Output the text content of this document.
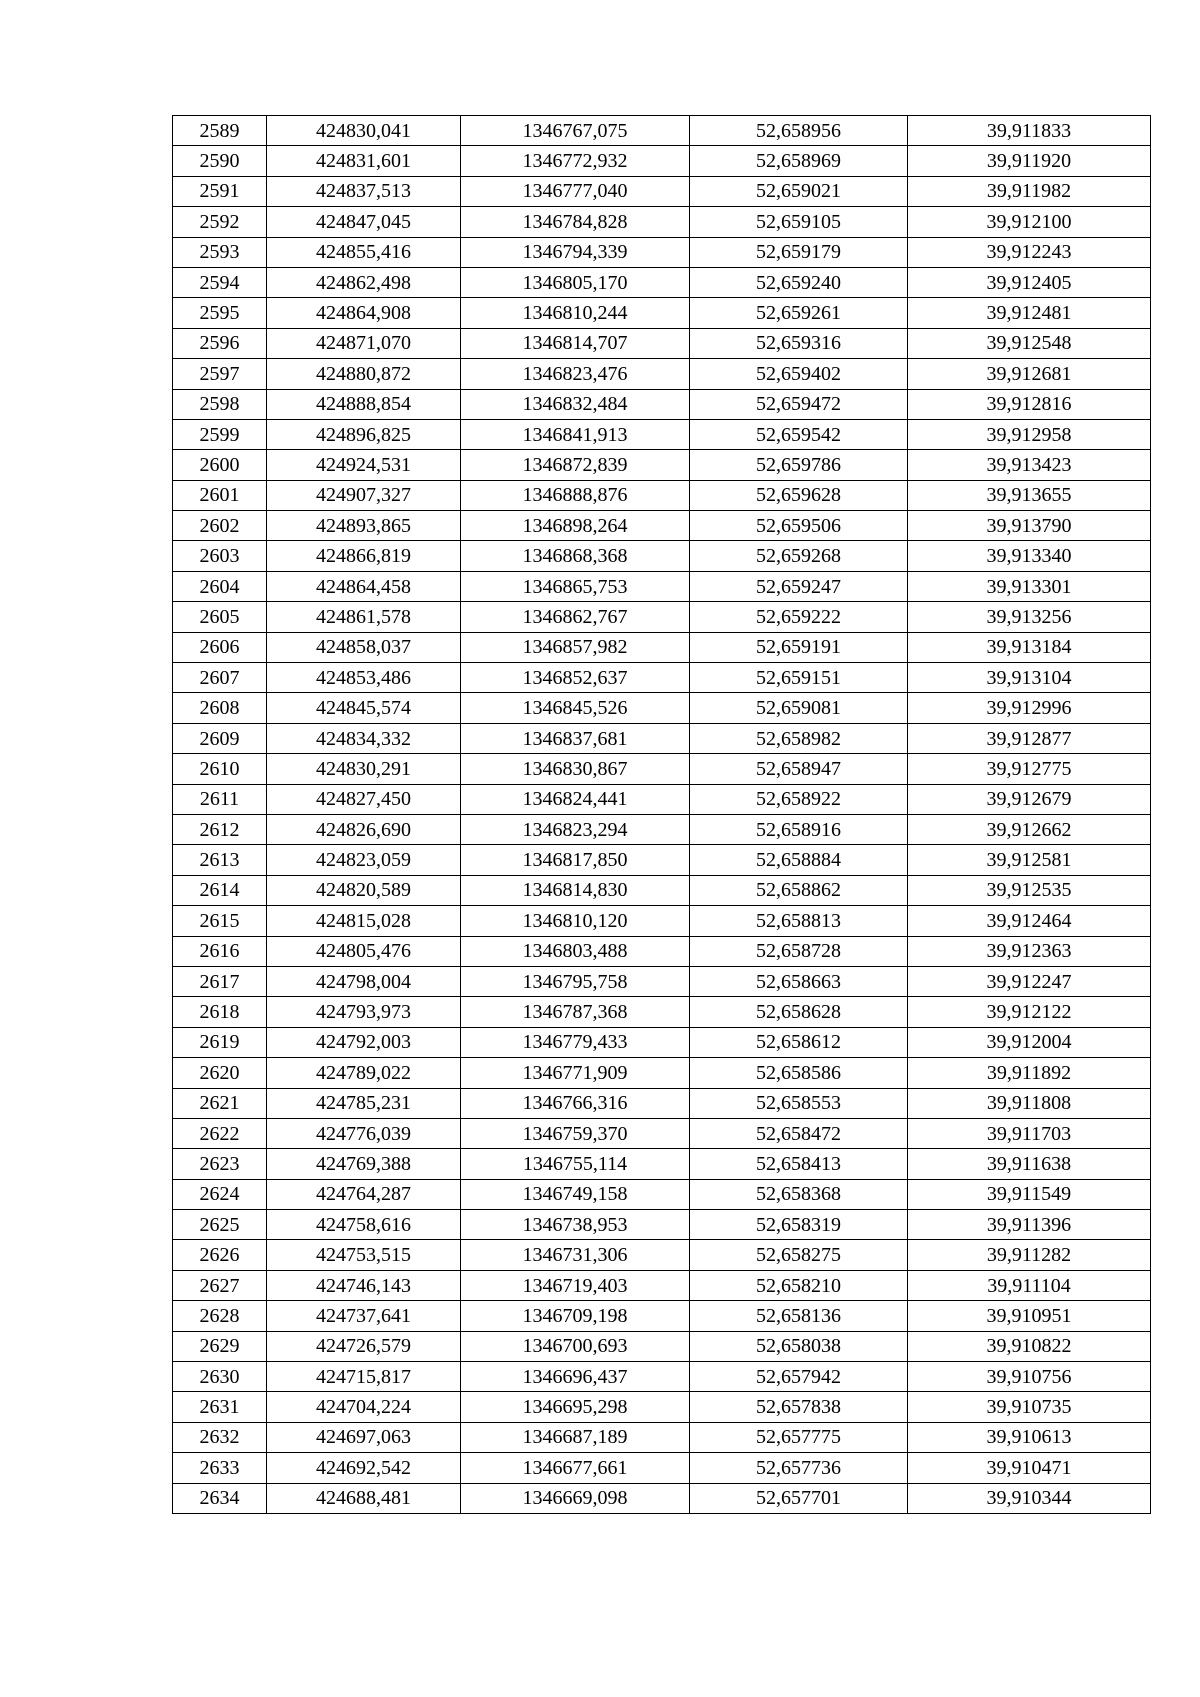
2589	424830,041	1346767,075	52,658956	39,911833
2590	424831,601	1346772,932	52,658969	39,911920
2591	424837,513	1346777,040	52,659021	39,911982
2592	424847,045	1346784,828	52,659105	39,912100
2593	424855,416	1346794,339	52,659179	39,912243
2594	424862,498	1346805,170	52,659240	39,912405
2595	424864,908	1346810,244	52,659261	39,912481
2596	424871,070	1346814,707	52,659316	39,912548
2597	424880,872	1346823,476	52,659402	39,912681
2598	424888,854	1346832,484	52,659472	39,912816
2599	424896,825	1346841,913	52,659542	39,912958
2600	424924,531	1346872,839	52,659786	39,913423
2601	424907,327	1346888,876	52,659628	39,913655
2602	424893,865	1346898,264	52,659506	39,913790
2603	424866,819	1346868,368	52,659268	39,913340
2604	424864,458	1346865,753	52,659247	39,913301
2605	424861,578	1346862,767	52,659222	39,913256
2606	424858,037	1346857,982	52,659191	39,913184
2607	424853,486	1346852,637	52,659151	39,913104
2608	424845,574	1346845,526	52,659081	39,912996
2609	424834,332	1346837,681	52,658982	39,912877
2610	424830,291	1346830,867	52,658947	39,912775
2611	424827,450	1346824,441	52,658922	39,912679
2612	424826,690	1346823,294	52,658916	39,912662
2613	424823,059	1346817,850	52,658884	39,912581
2614	424820,589	1346814,830	52,658862	39,912535
2615	424815,028	1346810,120	52,658813	39,912464
2616	424805,476	1346803,488	52,658728	39,912363
2617	424798,004	1346795,758	52,658663	39,912247
2618	424793,973	1346787,368	52,658628	39,912122
2619	424792,003	1346779,433	52,658612	39,912004
2620	424789,022	1346771,909	52,658586	39,911892
2621	424785,231	1346766,316	52,658553	39,911808
2622	424776,039	1346759,370	52,658472	39,911703
2623	424769,388	1346755,114	52,658413	39,911638
2624	424764,287	1346749,158	52,658368	39,911549
2625	424758,616	1346738,953	52,658319	39,911396
2626	424753,515	1346731,306	52,658275	39,911282
2627	424746,143	1346719,403	52,658210	39,911104
2628	424737,641	1346709,198	52,658136	39,910951
2629	424726,579	1346700,693	52,658038	39,910822
2630	424715,817	1346696,437	52,657942	39,910756
2631	424704,224	1346695,298	52,657838	39,910735
2632	424697,063	1346687,189	52,657775	39,910613
2633	424692,542	1346677,661	52,657736	39,910471
2634	424688,481	1346669,098	52,657701	39,910344
